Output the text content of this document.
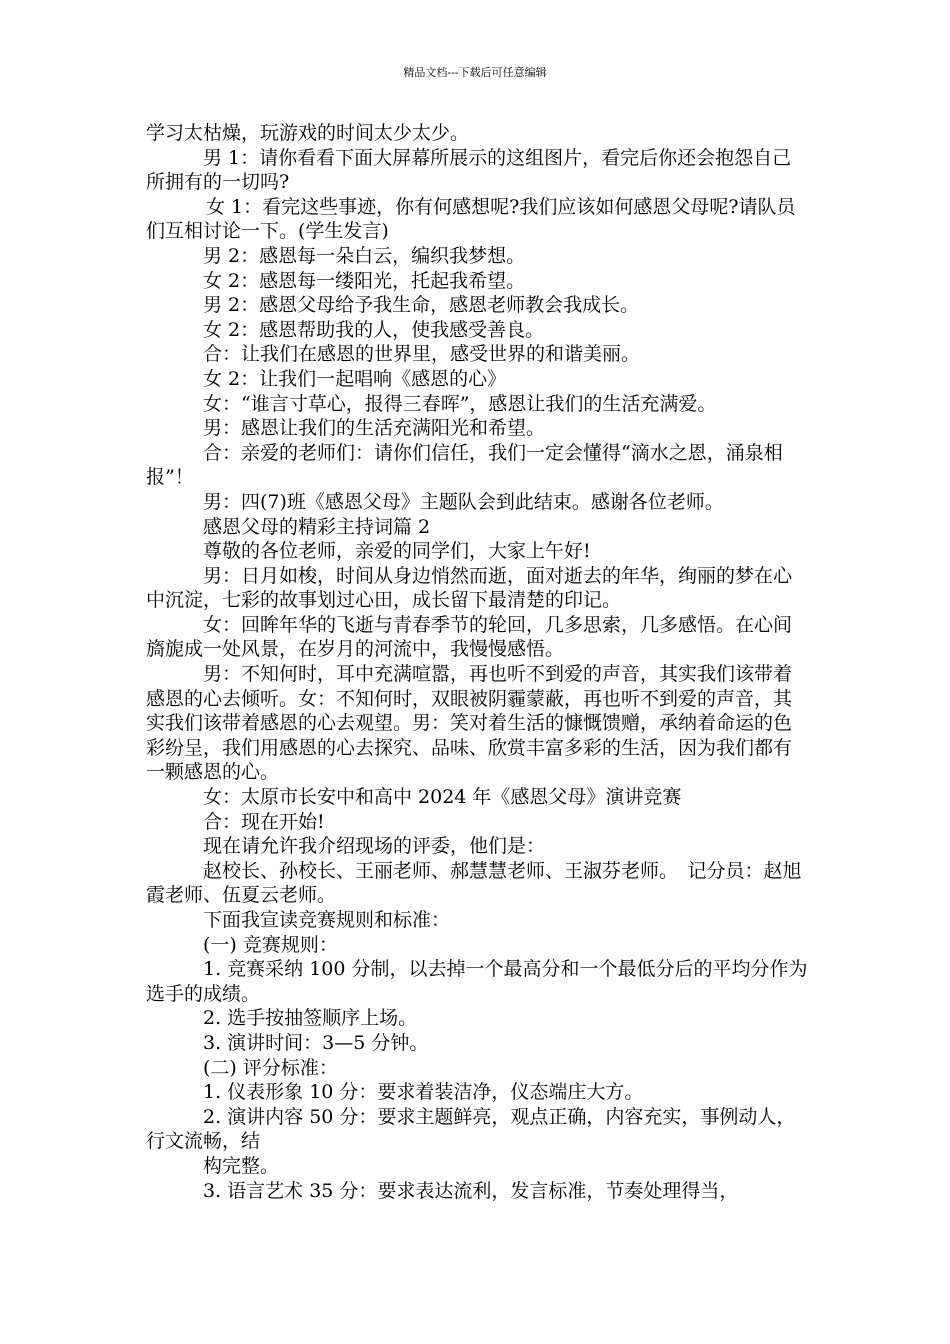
精品文档---下载后可任意编辑

学习太枯燥，玩游戏的时间太少太少。

男 1：请你看看下面大屏幕所展示的这组图片，看完后你还会抱怨自己所拥有的一切吗?

女 1：看完这些事迹，你有何感想呢?我们应该如何感恩父母呢?请队员们互相讨论一下。(学生发言)

男 2：感恩每一朵白云，编织我梦想。

女 2：感恩每一缕阳光，托起我希望。

男 2：感恩父母给予我生命，感恩老师教会我成长。

女 2：感恩帮助我的人，使我感受善良。

合：让我们在感恩的世界里，感受世界的和谐美丽。

女 2：让我们一起唱响《感恩的心》

女：“谁言寸草心，报得三春晖”，感恩让我们的生活充满爱。

男：感恩让我们的生活充满阳光和希望。

合：亲爱的老师们：请你们信任，我们一定会懂得“滴水之恩，涌泉相报”！

男：四(7)班《感恩父母》主题队会到此结束。感谢各位老师。

感恩父母的精彩主持词篇 2

尊敬的各位老师，亲爱的同学们，大家上午好!

男：日月如梭，时间从身边悄然而逝，面对逝去的年华，绚丽的梦在心中沉淀，七彩的故事划过心田，成长留下最清楚的印记。

女：回眸年华的飞逝与青春季节的轮回，几多思索，几多感悟。在心间旖旎成一处风景，在岁月的河流中，我慢慢感悟。

男：不知何时，耳中充满喧嚣，再也听不到爱的声音，其实我们该带着感恩的心去倾听。女：不知何时，双眼被阴霾蒙蔽，再也听不到爱的声音，其实我们该带着感恩的心去观望。男：笑对着生活的慷慨馈赠，承纳着命运的色彩纷呈，我们用感恩的心去探究、品味、欣赏丰富多彩的生活，因为我们都有一颗感恩的心。

女：太原市长安中和高中 2024 年《感恩父母》演讲竞赛

合：现在开始!

现在请允许我介绍现场的评委，他们是：

赵校长、孙校长、王丽老师、郝慧慧老师、王淑芬老师。　记分员：赵旭霞老师、伍夏云老师。

下面我宣读竞赛规则和标准：

(一) 竞赛规则：

1. 竞赛采纳 100 分制，以去掉一个最高分和一个最低分后的平均分作为选手的成绩。

2. 选手按抽签顺序上场。

3. 演讲时间：3—5 分钟。

(二) 评分标准：

1. 仪表形象 10 分：要求着装洁净，仪态端庄大方。

2. 演讲内容 50 分：要求主题鲜亮，观点正确，内容充实，事例动人，行文流畅，结

构完整。

3. 语言艺术 35 分：要求表达流利，发言标准，节奏处理得当，
